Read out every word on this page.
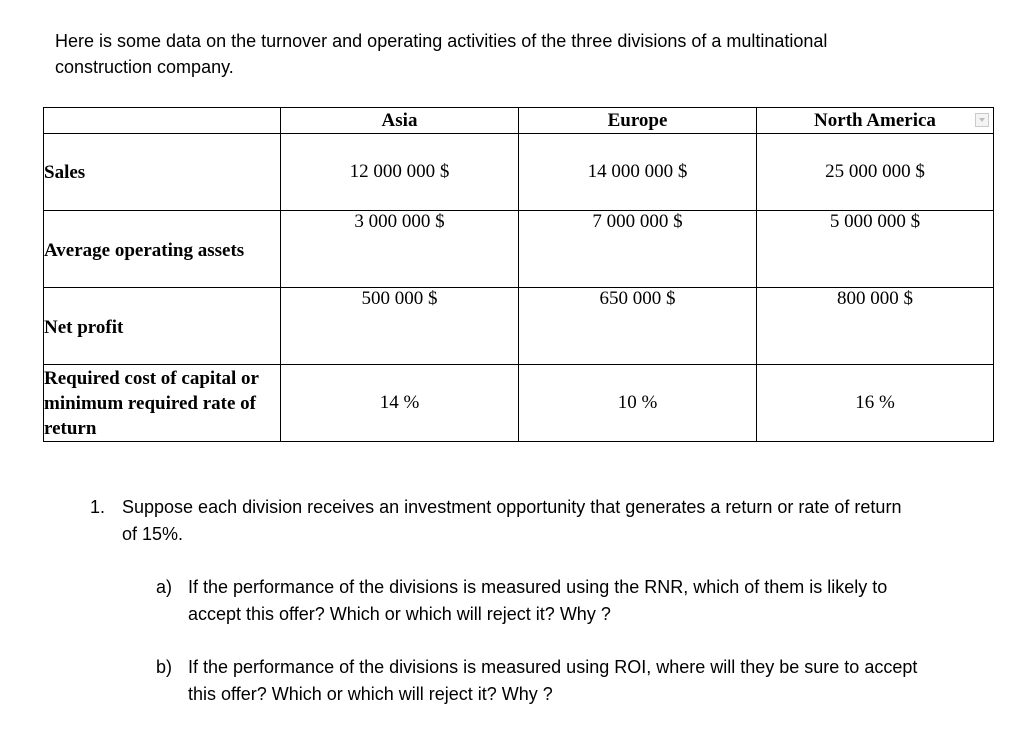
Here is some data on the turnover and operating activities of the three divisions of a multinational construction company.

	Asia	Europe	North America

Sales	12 000 000 $	14 000 000 $	25 000 000 $
Average operating assets	3 000 000 $	7 000 000 $	5 000 000 $
Net profit	500 000 $	650 000 $	800 000 $
Required cost of capital or minimum required rate of return	14 %	10 %	16 %
1. Suppose each division receives an investment opportunity that generates a return or rate of return of 15%.
a) If the performance of the divisions is measured using the RNR, which of them is likely to accept this offer? Which or which will reject it? Why ?
b) If the performance of the divisions is measured using ROI, where will they be sure to accept this offer? Which or which will reject it? Why ?
